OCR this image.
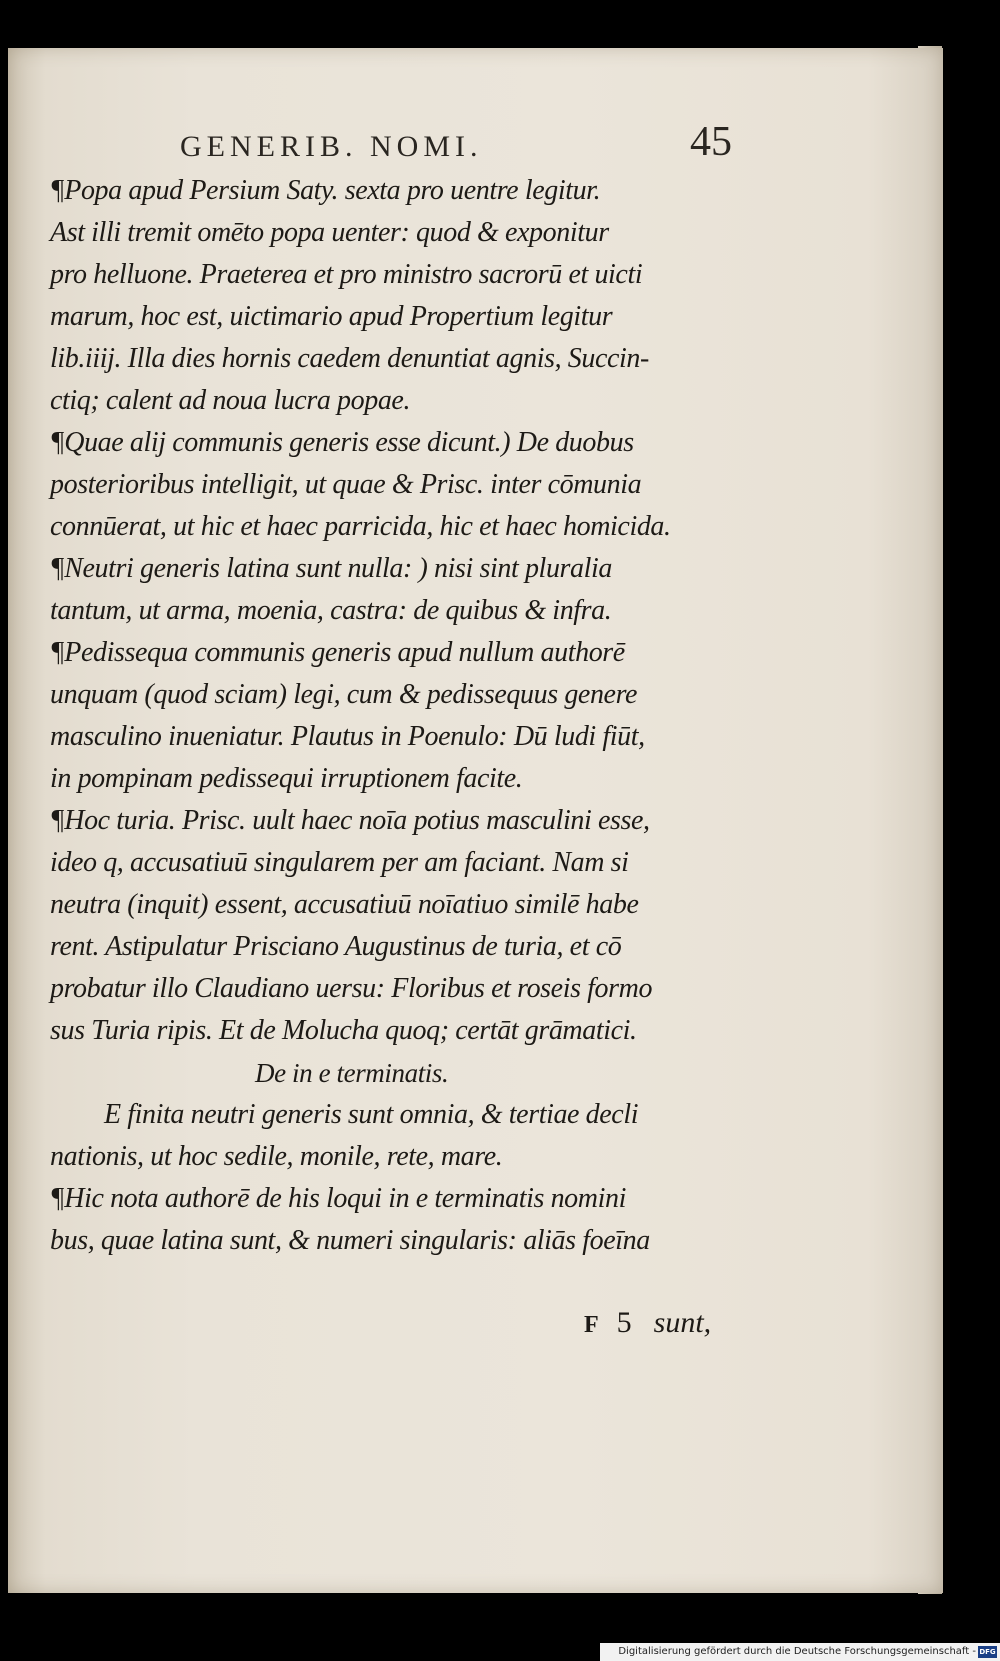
GENERIB. NOMI.	45
¶Popa apud Persium Saty. sexta pro uentre legitur.
Ast illi tremit omēto popa uenter: quod & exponitur
pro helluone. Praeterea et pro ministro sacrorū et uicti
marum, hoc est, uictimario apud Propertium legitur
lib.iiij. Illa dies hornis caedem denuntiat agnis, Succin-
ctiq; calent ad noua lucra popae.
¶Quae alij communis generis esse dicunt.) De duobus
posterioribus intelligit, ut quae & Prisc. inter cōmunia
connūerat, ut hic et haec parricida, hic et haec homicida.
¶Neutri generis latina sunt nulla: ) nisi sint pluralia
tantum, ut arma, moenia, castra: de quibus & infra.
¶Pedissequa communis generis apud nullum authorē
unquam (quod sciam) legi, cum & pedissequus genere
masculino inueniatur. Plautus in Poenulo: Dū ludi fiūt,
in pompinam pedissequi irruptionem facite.
¶Hoc turia. Prisc. uult haec noīa potius masculini esse,
ideo q, accusatiuū singularem per am faciant. Nam si
neutra (inquit) essent, accusatiuū noīatiuo similē habe
rent. Astipulatur Prisciano Augustinus de turia, et cō
probatur illo Claudiano uersu: Floribus et roseis formo
sus Turia ripis. Et de Molucha quoq; certāt grāmatici.
De in e terminatis.
E finita neutri generis sunt omnia, & tertiae decli
nationis, ut hoc sedile, monile, rete, mare.
¶Hic nota authorē de his loqui in e terminatis nomini
bus, quae latina sunt, & numeri singularis: aliās foeīna
F 5 sunt,
Digitalisierung gefördert durch die Deutsche Forschungsgemeinschaft - DFG
